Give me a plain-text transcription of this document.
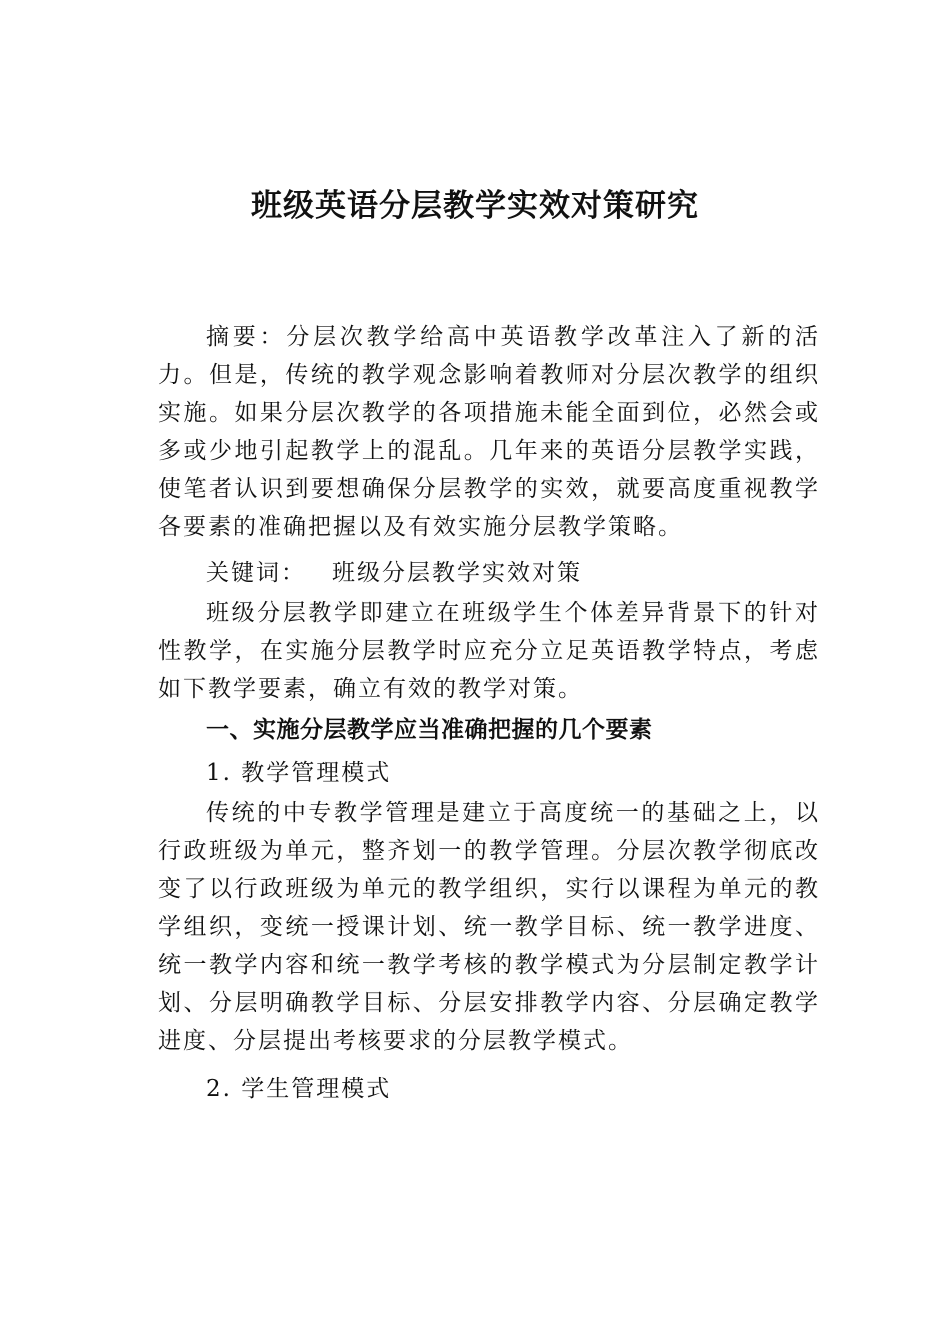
班级英语分层教学实效对策研究

摘要：分层次教学给高中英语教学改革注入了新的活力。但是，传统的教学观念影响着教师对分层次教学的组织实施。如果分层次教学的各项措施未能全面到位，必然会或多或少地引起教学上的混乱。几年来的英语分层教学实践，使笔者认识到要想确保分层教学的实效，就要高度重视教学各要素的准确把握以及有效实施分层教学策略。

关键词： 班级分层教学实效对策

班级分层教学即建立在班级学生个体差异背景下的针对性教学，在实施分层教学时应充分立足英语教学特点，考虑如下教学要素，确立有效的教学对策。

一、实施分层教学应当准确把握的几个要素

1. 教学管理模式

传统的中专教学管理是建立于高度统一的基础之上，以行政班级为单元，整齐划一的教学管理。分层次教学彻底改变了以行政班级为单元的教学组织，实行以课程为单元的教学组织，变统一授课计划、统一教学目标、统一教学进度、统一教学内容和统一教学考核的教学模式为分层制定教学计划、分层明确教学目标、分层安排教学内容、分层确定教学进度、分层提出考核要求的分层教学模式。

2. 学生管理模式
